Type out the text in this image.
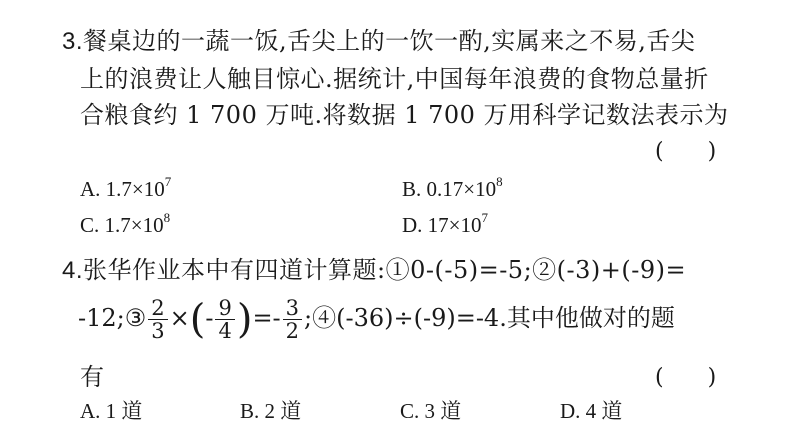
3.餐桌边的一蔬一饭,舌尖上的一饮一酌,实属来之不易,舌尖
上的浪费让人触目惊心.据统计,中国每年浪费的食物总量折
合粮食约 1 700 万吨.将数据 1 700 万用科学记数法表示为
(　　)
A. $1.7\times 10^7$	B. $0.17\times 10^8$
C. $1.7\times 10^8$	D. $17\times 10^7$
4.张华作业本中有四道计算题:①0-(-5)=-5;②(-3)+(-9)=
-12;③ $\frac{2}{3}$ ×(- $\frac{9}{4}$ )=- $\frac{3}{2}$ ;④(-36)÷(-9)=-4.其中他做对的题
有	(　　)
A. 1 道	B. 2 道	C. 3 道	D. 4 道
